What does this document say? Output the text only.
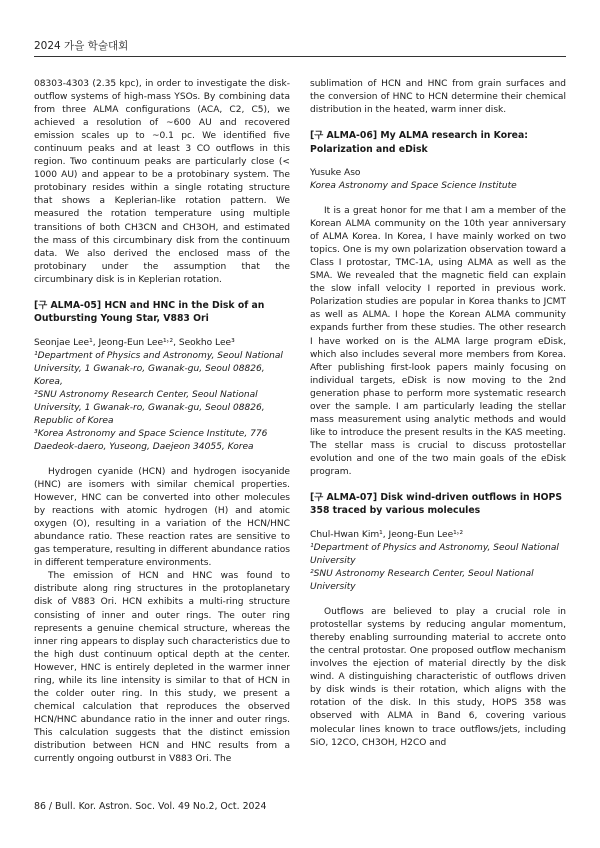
2024 가을 학술대회
08303-4303 (2.35 kpc), in order to investigate the disk-outflow systems of high-mass YSOs. By combining data from three ALMA configurations (ACA, C2, C5), we achieved a resolution of ~600 AU and recovered emission scales up to ~0.1 pc. We identified five continuum peaks and at least 3 CO outflows in this region. Two continuum peaks are particularly close (< 1000 AU) and appear to be a protobinary system. The protobinary resides within a single rotating structure that shows a Keplerian-like rotation pattern. We measured the rotation temperature using multiple transitions of both CH3CN and CH3OH, and estimated the mass of this circumbinary disk from the continuum data. We also derived the enclosed mass of the protobinary under the assumption that the circumbinary disk is in Keplerian rotation.
[구 ALMA-05] HCN and HNC in the Disk of an Outbursting Young Star, V883 Ori
Seonjae Lee¹, Jeong-Eun Lee¹˒², Seokho Lee³
¹Department of Physics and Astronomy, Seoul National University, 1 Gwanak-ro, Gwanak-gu, Seoul 08826, Korea,
²SNU Astronomy Research Center, Seoul National University, 1 Gwanak-ro, Gwanak-gu, Seoul 08826, Republic of Korea
³Korea Astronomy and Space Science Institute, 776 Daedeok-daero, Yuseong, Daejeon 34055, Korea
Hydrogen cyanide (HCN) and hydrogen isocyanide (HNC) are isomers with similar chemical properties. However, HNC can be converted into other molecules by reactions with atomic hydrogen (H) and atomic oxygen (O), resulting in a variation of the HCN/HNC abundance ratio. These reaction rates are sensitive to gas temperature, resulting in different abundance ratios in different temperature environments.
The emission of HCN and HNC was found to distribute along ring structures in the protoplanetary disk of V883 Ori. HCN exhibits a multi-ring structure consisting of inner and outer rings. The outer ring represents a genuine chemical structure, whereas the inner ring appears to display such characteristics due to the high dust continuum optical depth at the center. However, HNC is entirely depleted in the warmer inner ring, while its line intensity is similar to that of HCN in the colder outer ring. In this study, we present a chemical calculation that reproduces the observed HCN/HNC abundance ratio in the inner and outer rings. This calculation suggests that the distinct emission distribution between HCN and HNC results from a currently ongoing outburst in V883 Ori. The
sublimation of HCN and HNC from grain surfaces and the conversion of HNC to HCN determine their chemical distribution in the heated, warm inner disk.
[구 ALMA-06] My ALMA research in Korea: Polarization and eDisk
Yusuke Aso
Korea Astronomy and Space Science Institute
It is a great honor for me that I am a member of the Korean ALMA community on the 10th year anniversary of ALMA Korea. In Korea, I have mainly worked on two topics. One is my own polarization observation toward a Class I protostar, TMC-1A, using ALMA as well as the SMA. We revealed that the magnetic field can explain the slow infall velocity I reported in previous work. Polarization studies are popular in Korea thanks to JCMT as well as ALMA. I hope the Korean ALMA community expands further from these studies. The other research I have worked on is the ALMA large program eDisk, which also includes several more members from Korea. After publishing first-look papers mainly focusing on individual targets, eDisk is now moving to the 2nd generation phase to perform more systematic research over the sample. I am particularly leading the stellar mass measurement using analytic methods and would like to introduce the present results in the KAS meeting. The stellar mass is crucial to discuss protostellar evolution and one of the two main goals of the eDisk program.
[구 ALMA-07] Disk wind-driven outflows in HOPS 358 traced by various molecules
Chul-Hwan Kim¹, Jeong-Eun Lee¹˒²
¹Department of Physics and Astronomy, Seoul National University
²SNU Astronomy Research Center, Seoul National University
Outflows are believed to play a crucial role in protostellar systems by reducing angular momentum, thereby enabling surrounding material to accrete onto the central protostar. One proposed outflow mechanism involves the ejection of material directly by the disk wind. A distinguishing characteristic of outflows driven by disk winds is their rotation, which aligns with the rotation of the disk. In this study, HOPS 358 was observed with ALMA in Band 6, covering various molecular lines known to trace outflows/jets, including SiO, 12CO, CH3OH, H2CO and
86 / Bull. Kor. Astron. Soc. Vol. 49 No.2, Oct. 2024
